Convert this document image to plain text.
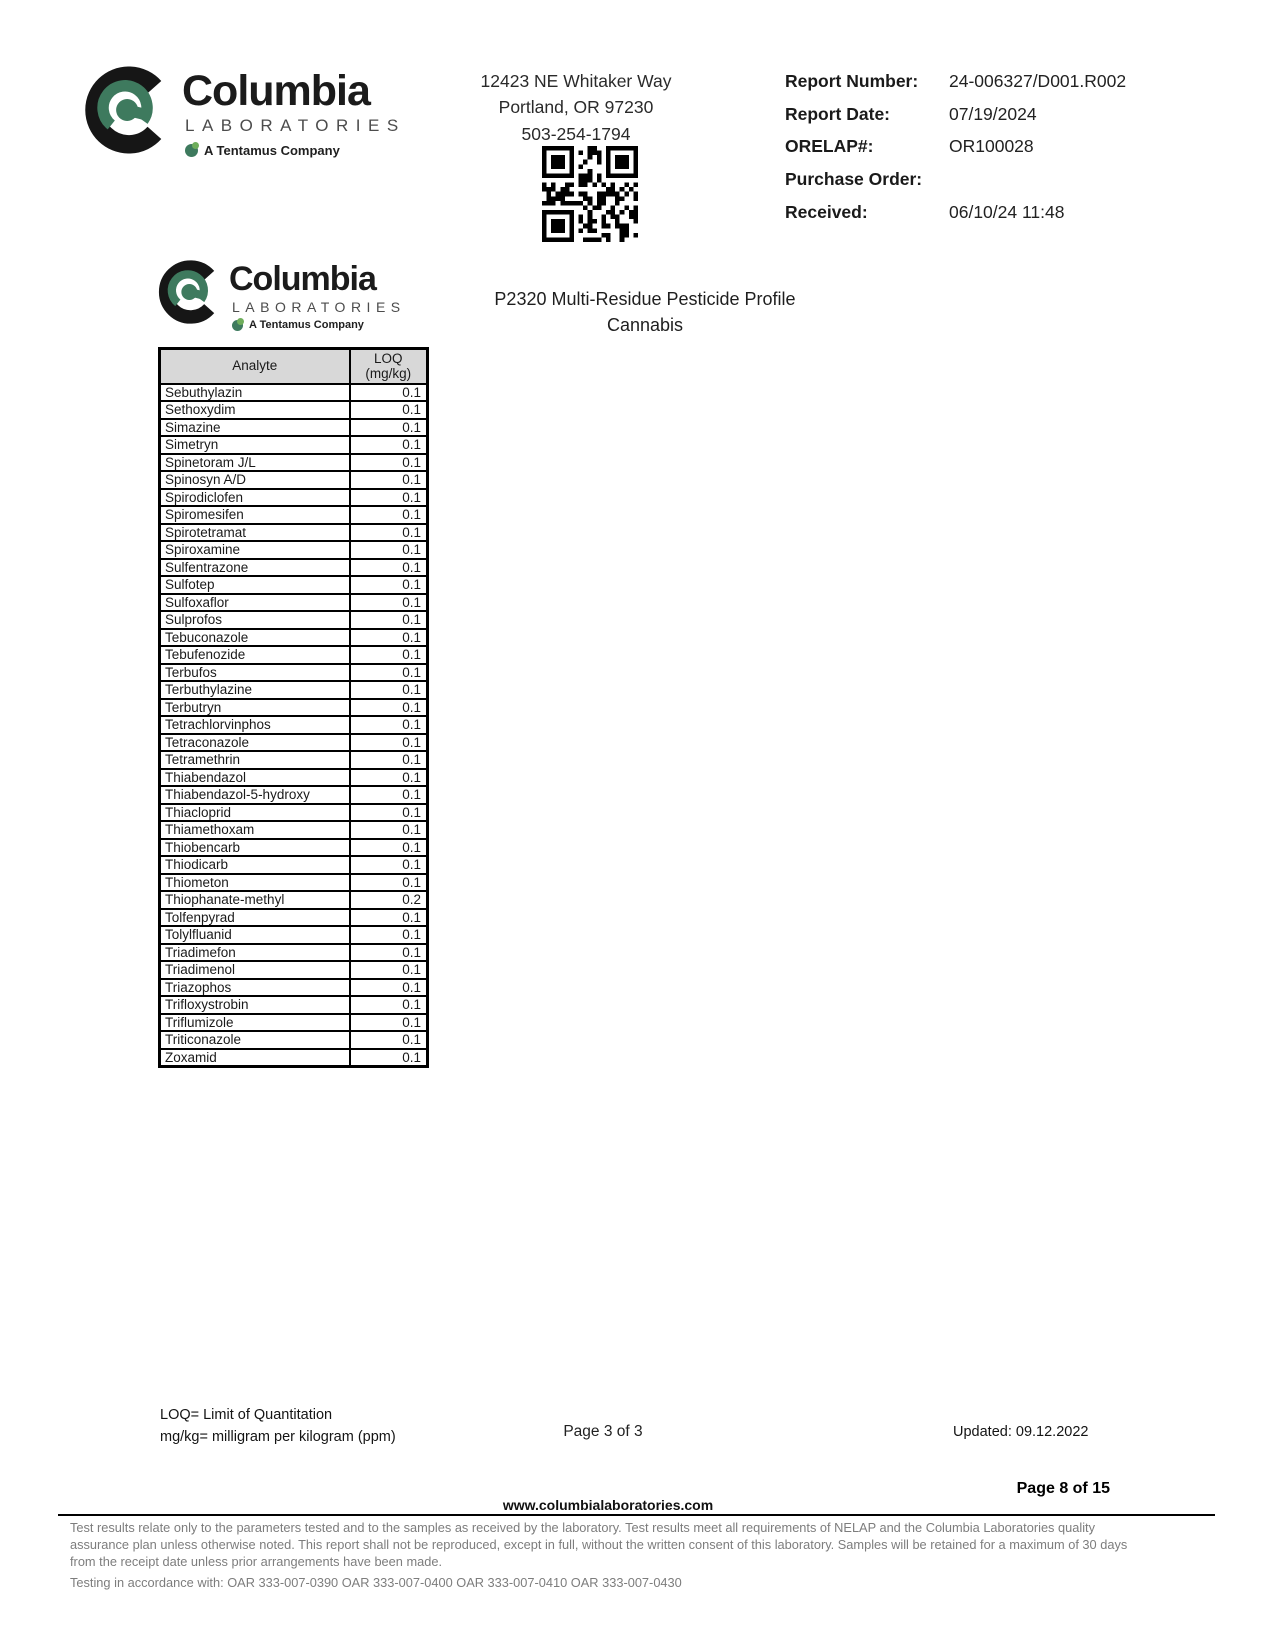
Columbia
LABORATORIES
A Tentamus Company
12423 NE Whitaker Way
Portland, OR 97230
503-254-1794
Report Number:	24-006327/D001.R002
Report Date:	07/19/2024
ORELAP#:	OR100028
Purchase Order:
Received:	06/10/24 11:48
Columbia
LABORATORIES
A Tentamus Company
P2320 Multi-Residue Pesticide Profile
Cannabis
Analyte	LOQ
(mg/kg)

Sebuthylazin	0.1
Sethoxydim	0.1
Simazine	0.1
Simetryn	0.1
Spinetoram J/L	0.1
Spinosyn A/D	0.1
Spirodiclofen	0.1
Spiromesifen	0.1
Spirotetramat	0.1
Spiroxamine	0.1
Sulfentrazone	0.1
Sulfotep	0.1
Sulfoxaflor	0.1
Sulprofos	0.1
Tebuconazole	0.1
Tebufenozide	0.1
Terbufos	0.1
Terbuthylazine	0.1
Terbutryn	0.1
Tetrachlorvinphos	0.1
Tetraconazole	0.1
Tetramethrin	0.1
Thiabendazol	0.1
Thiabendazol-5-hydroxy	0.1
Thiacloprid	0.1
Thiamethoxam	0.1
Thiobencarb	0.1
Thiodicarb	0.1
Thiometon	0.1
Thiophanate-methyl	0.2
Tolfenpyrad	0.1
Tolylfluanid	0.1
Triadimefon	0.1
Triadimenol	0.1
Triazophos	0.1
Trifloxystrobin	0.1
Triflumizole	0.1
Triticonazole	0.1
Zoxamid	0.1
LOQ= Limit of Quantitation
mg/kg= milligram per kilogram (ppm)	Page 3 of 3	Updated: 09.12.2022
Page 8 of 15
www.columbialaboratories.com

Test results relate only to the parameters tested and to the samples as received by the laboratory. Test results meet all requirements of NELAP and the Columbia Laboratories quality assurance plan unless otherwise noted. This report shall not be reproduced, except in full, without the written consent of this laboratory. Samples will be retained for a maximum of 30 days from the receipt date unless prior arrangements have been made.

Testing in accordance with: OAR 333-007-0390 OAR 333-007-0400 OAR 333-007-0410 OAR 333-007-0430
